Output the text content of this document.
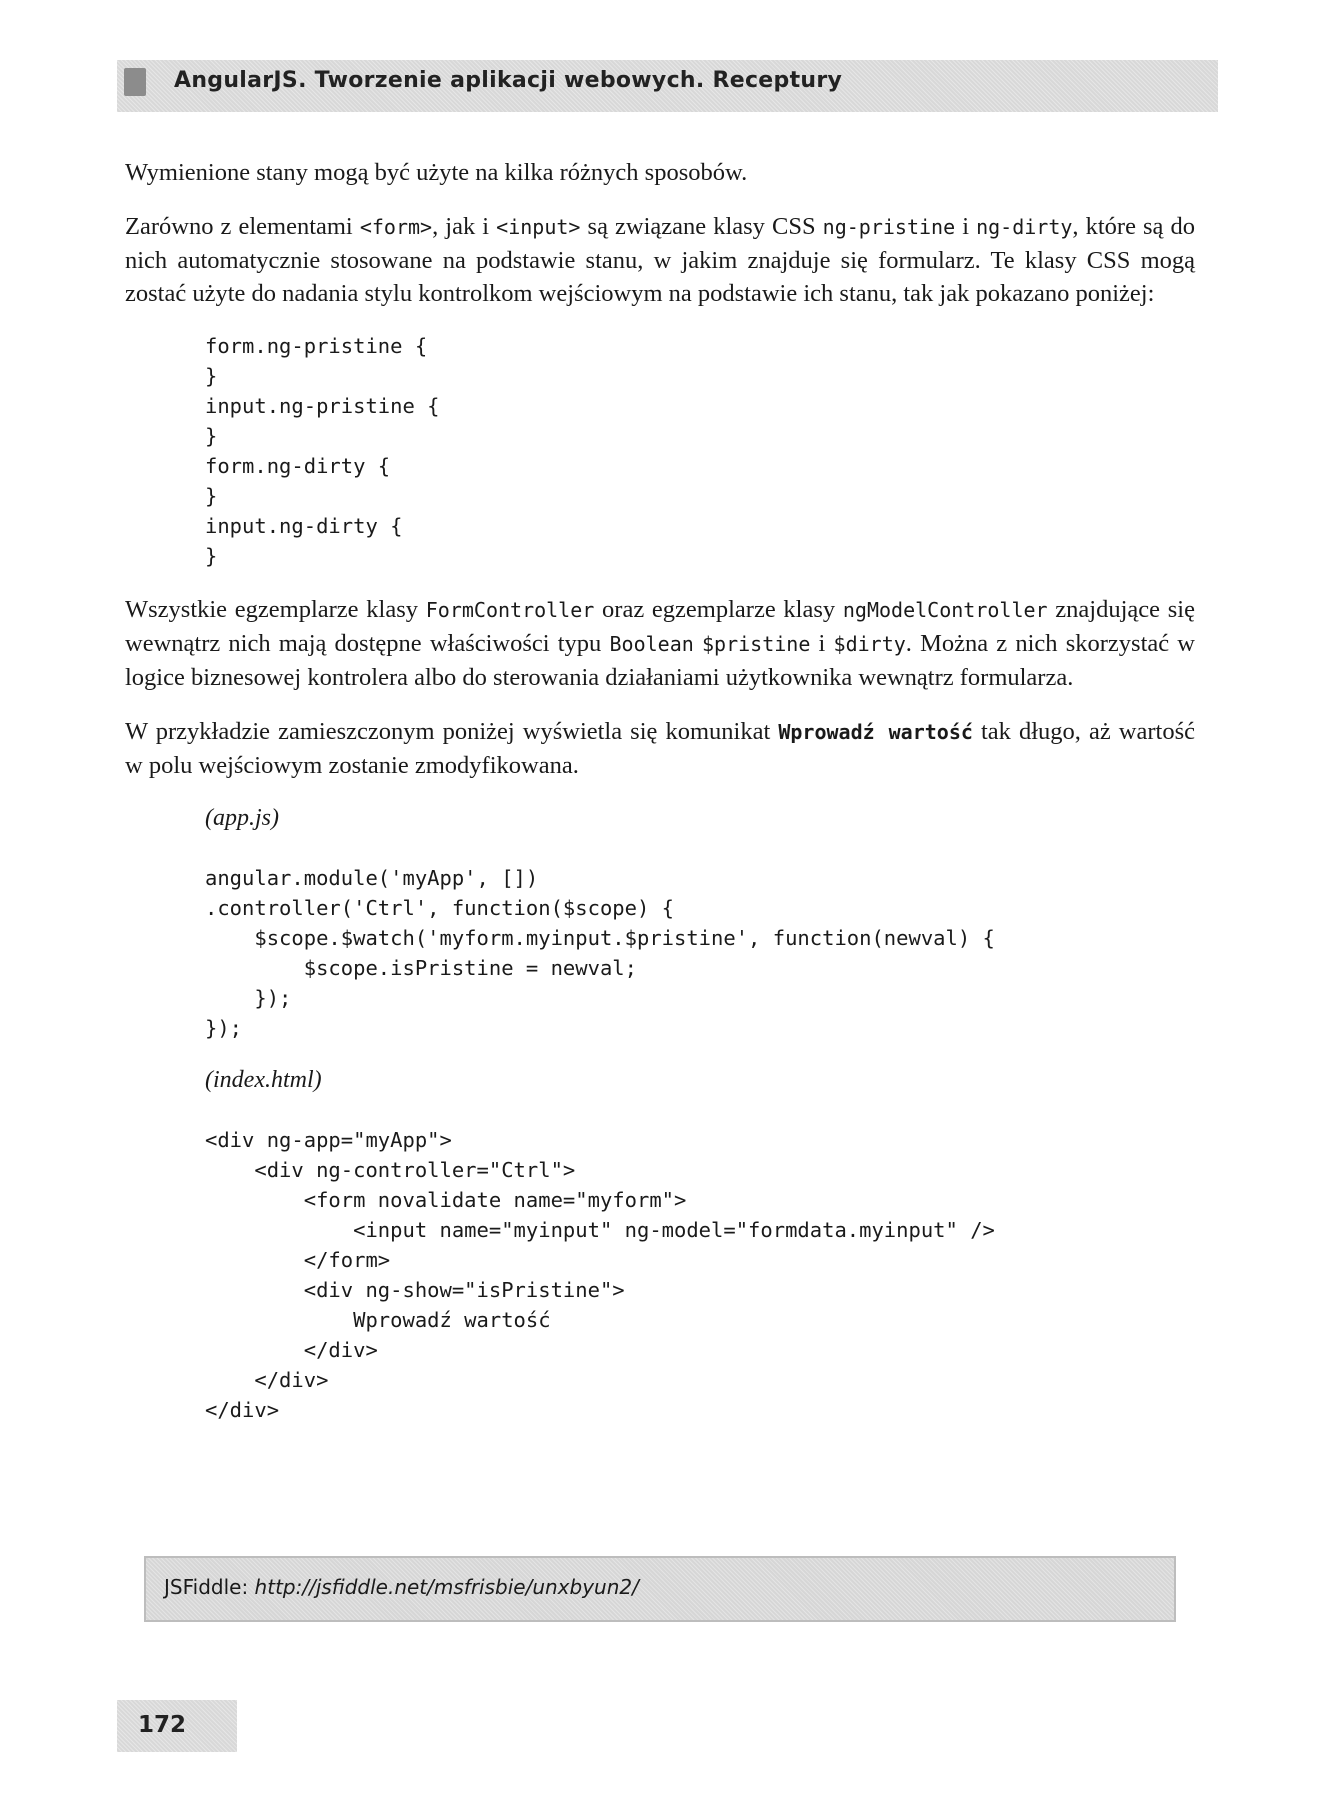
AngularJS. Tworzenie aplikacji webowych. Receptury

Wymienione stany mogą być użyte na kilka różnych sposobów.

Zarówno z elementami <form>, jak i <input> są związane klasy CSS ng-pristine i ng-dirty, które są do nich automatycznie stosowane na podstawie stanu, w jakim znajduje się formularz. Te klasy CSS mogą zostać użyte do nadania stylu kontrolkom wejściowym na podstawie ich stanu, tak jak pokazano poniżej:

form.ng-pristine {
}
input.ng-pristine {
}
form.ng-dirty {
}
input.ng-dirty {
}

Wszystkie egzemplarze klasy FormController oraz egzemplarze klasy ngModelController znajdujące się wewnątrz nich mają dostępne właściwości typu Boolean $pristine i $dirty. Można z nich skorzystać w logice biznesowej kontrolera albo do sterowania działaniami użytkownika wewnątrz formularza.

W przykładzie zamieszczonym poniżej wyświetla się komunikat Wprowadź wartość tak długo, aż wartość w polu wejściowym zostanie zmodyfikowana.

(app.js)
angular.module('myApp', [])
.controller('Ctrl', function($scope) {
$scope.$watch('myform.myinput.$pristine', function(newval) {
$scope.isPristine = newval;
});
});
(index.html)
<div ng-app="myApp">
<div ng-controller="Ctrl">
<form novalidate name="myform">
<input name="myinput" ng-model="formdata.myinput" />
</form>
<div ng-show="isPristine">
Wprowadź wartość
</div>
</div>
</div>
JSFiddle: http://jsfiddle.net/msfrisbie/unxbyun2/
172
